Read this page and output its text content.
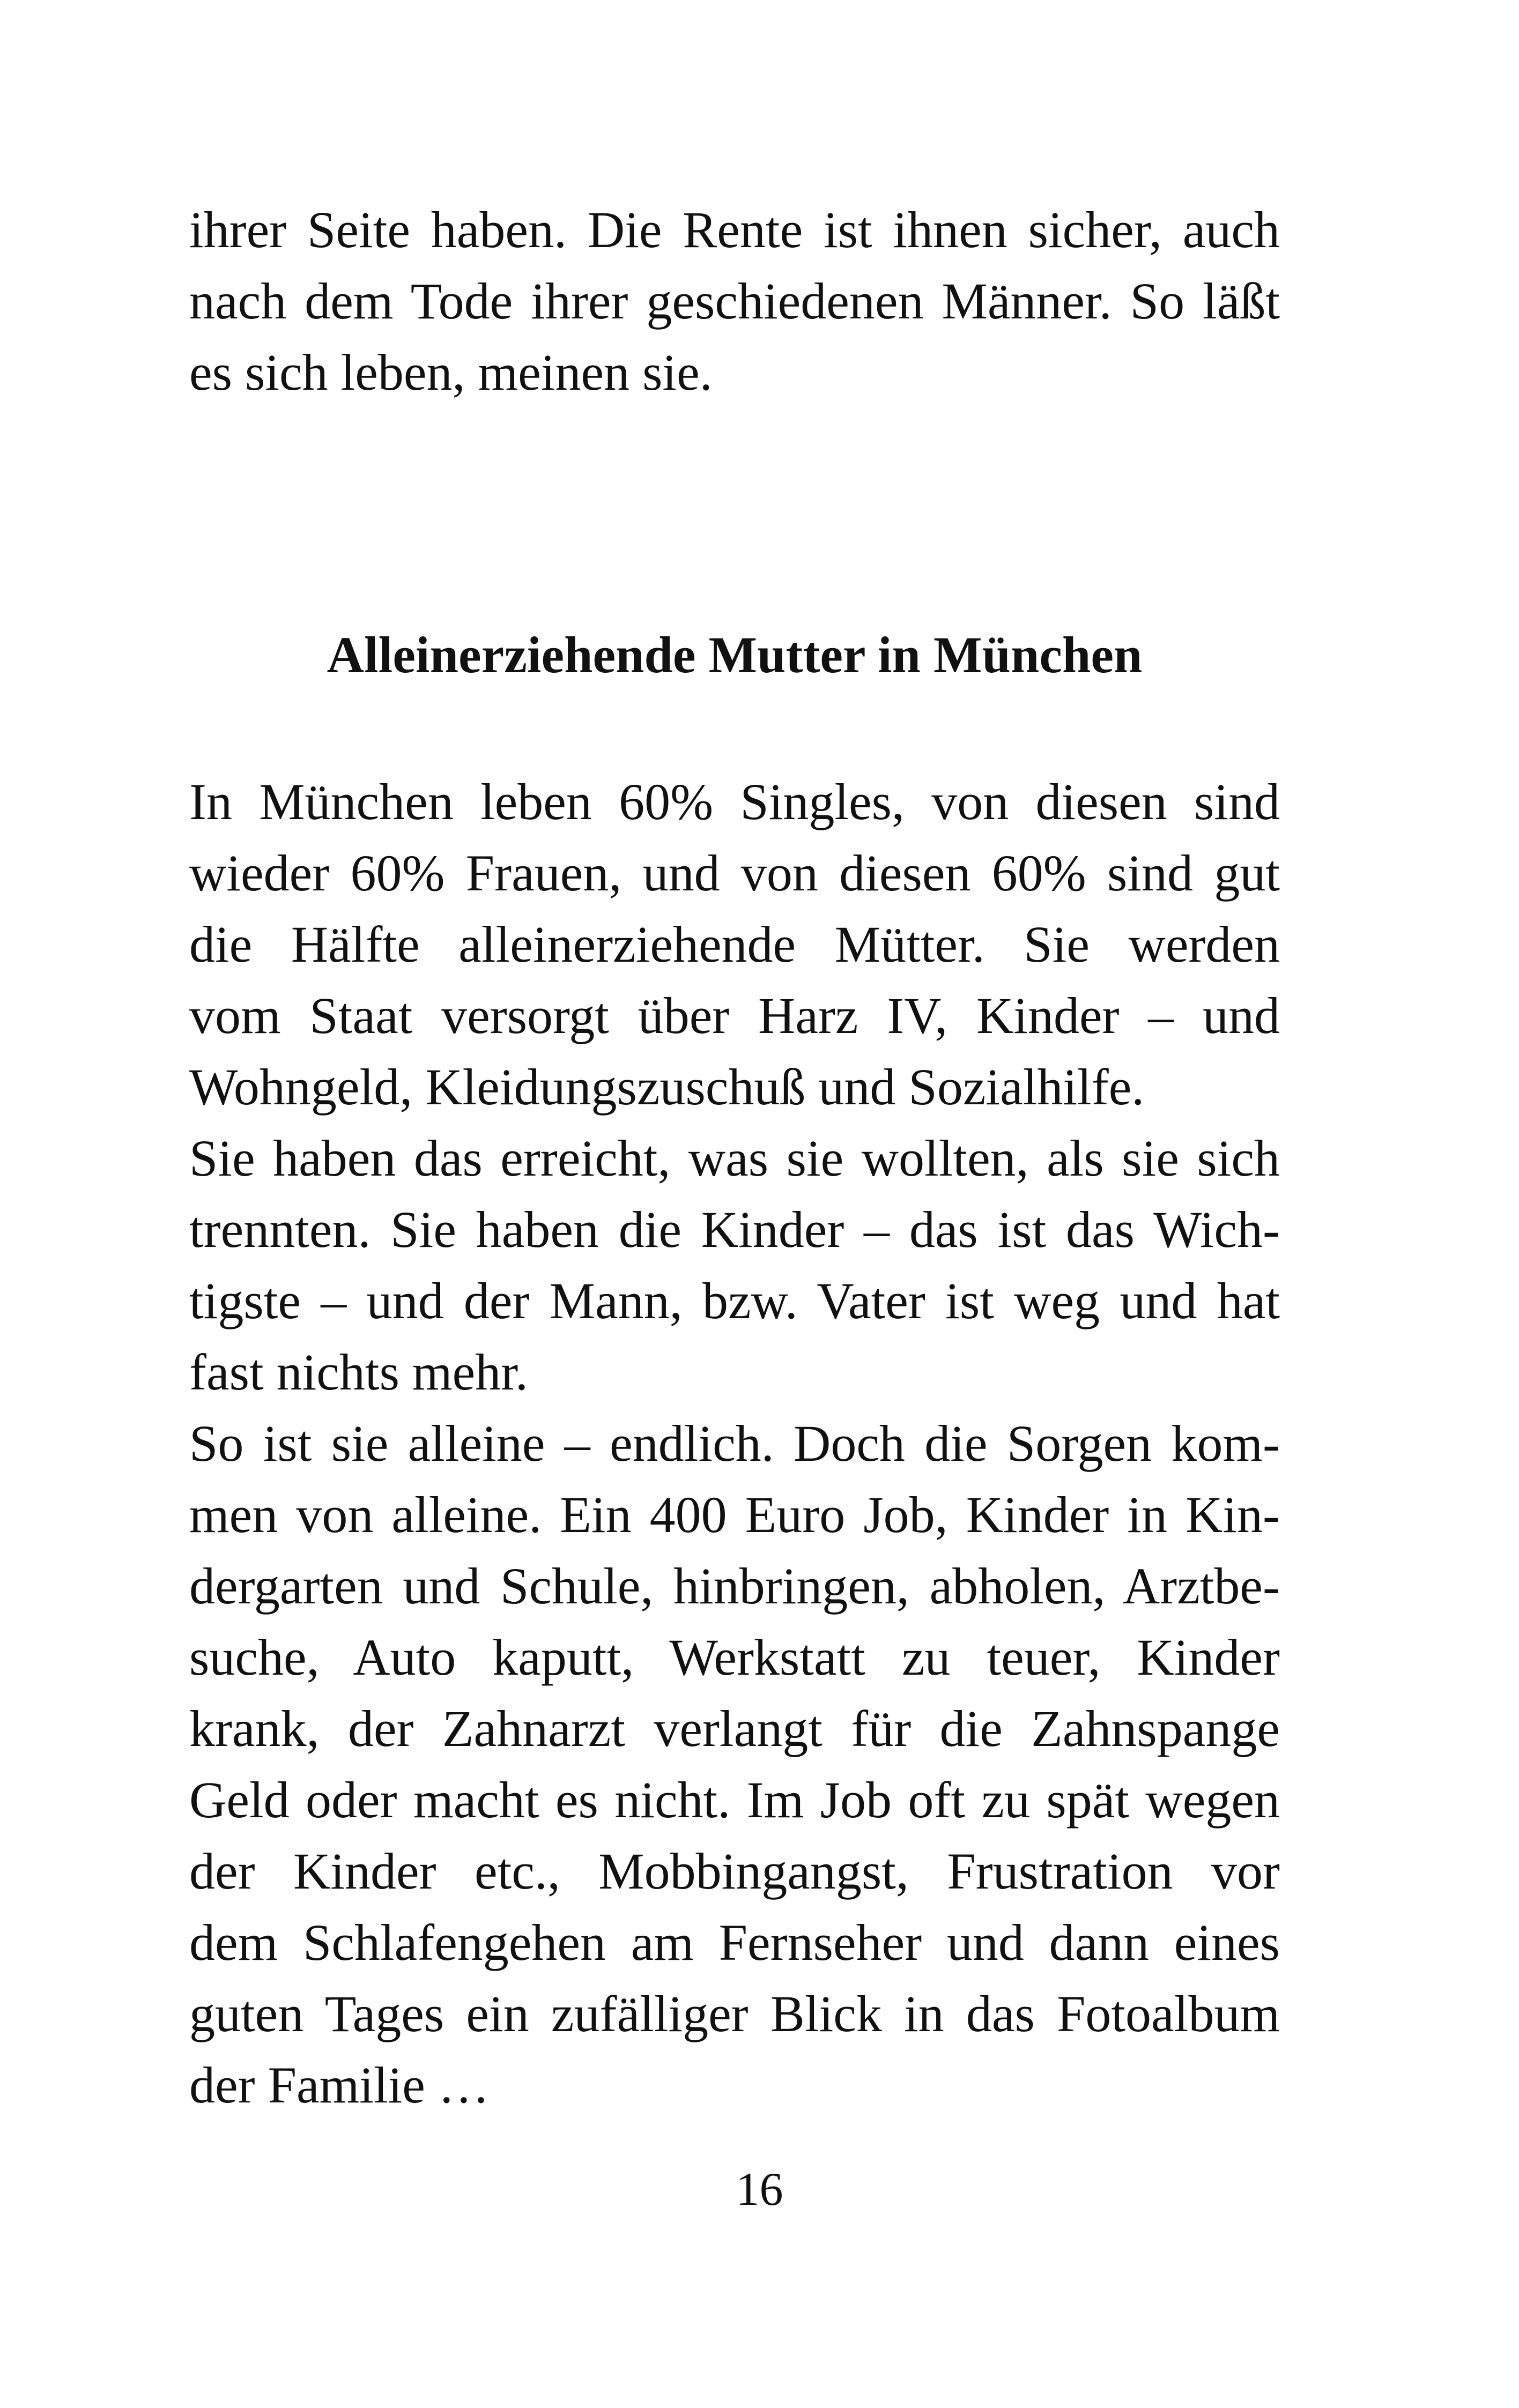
ihrer Seite haben. Die Rente ist ihnen sicher, auch
nach dem Tode ihrer geschiedenen Männer. So läßt
es sich leben, meinen sie.
Alleinerziehende Mutter in München
In München leben 60% Singles, von diesen sind
wieder 60% Frauen, und von diesen 60% sind gut
die Hälfte alleinerziehende Mütter. Sie werden
vom Staat versorgt über Harz IV, Kinder – und
Wohngeld, Kleidungszuschuß und Sozialhilfe.
Sie haben das erreicht, was sie wollten, als sie sich
trennten. Sie haben die Kinder – das ist das Wich-
tigste – und der Mann, bzw. Vater ist weg und hat
fast nichts mehr.
So ist sie alleine – endlich. Doch die Sorgen kom-
men von alleine. Ein 400 Euro Job, Kinder in Kin-
dergarten und Schule, hinbringen, abholen, Arztbe-
suche, Auto kaputt, Werkstatt zu teuer, Kinder
krank, der Zahnarzt verlangt für die Zahnspange
Geld oder macht es nicht. Im Job oft zu spät wegen
der Kinder etc., Mobbingangst, Frustration vor
dem Schlafengehen am Fernseher und dann eines
guten Tages ein zufälliger Blick in das Fotoalbum
der Familie …
16
